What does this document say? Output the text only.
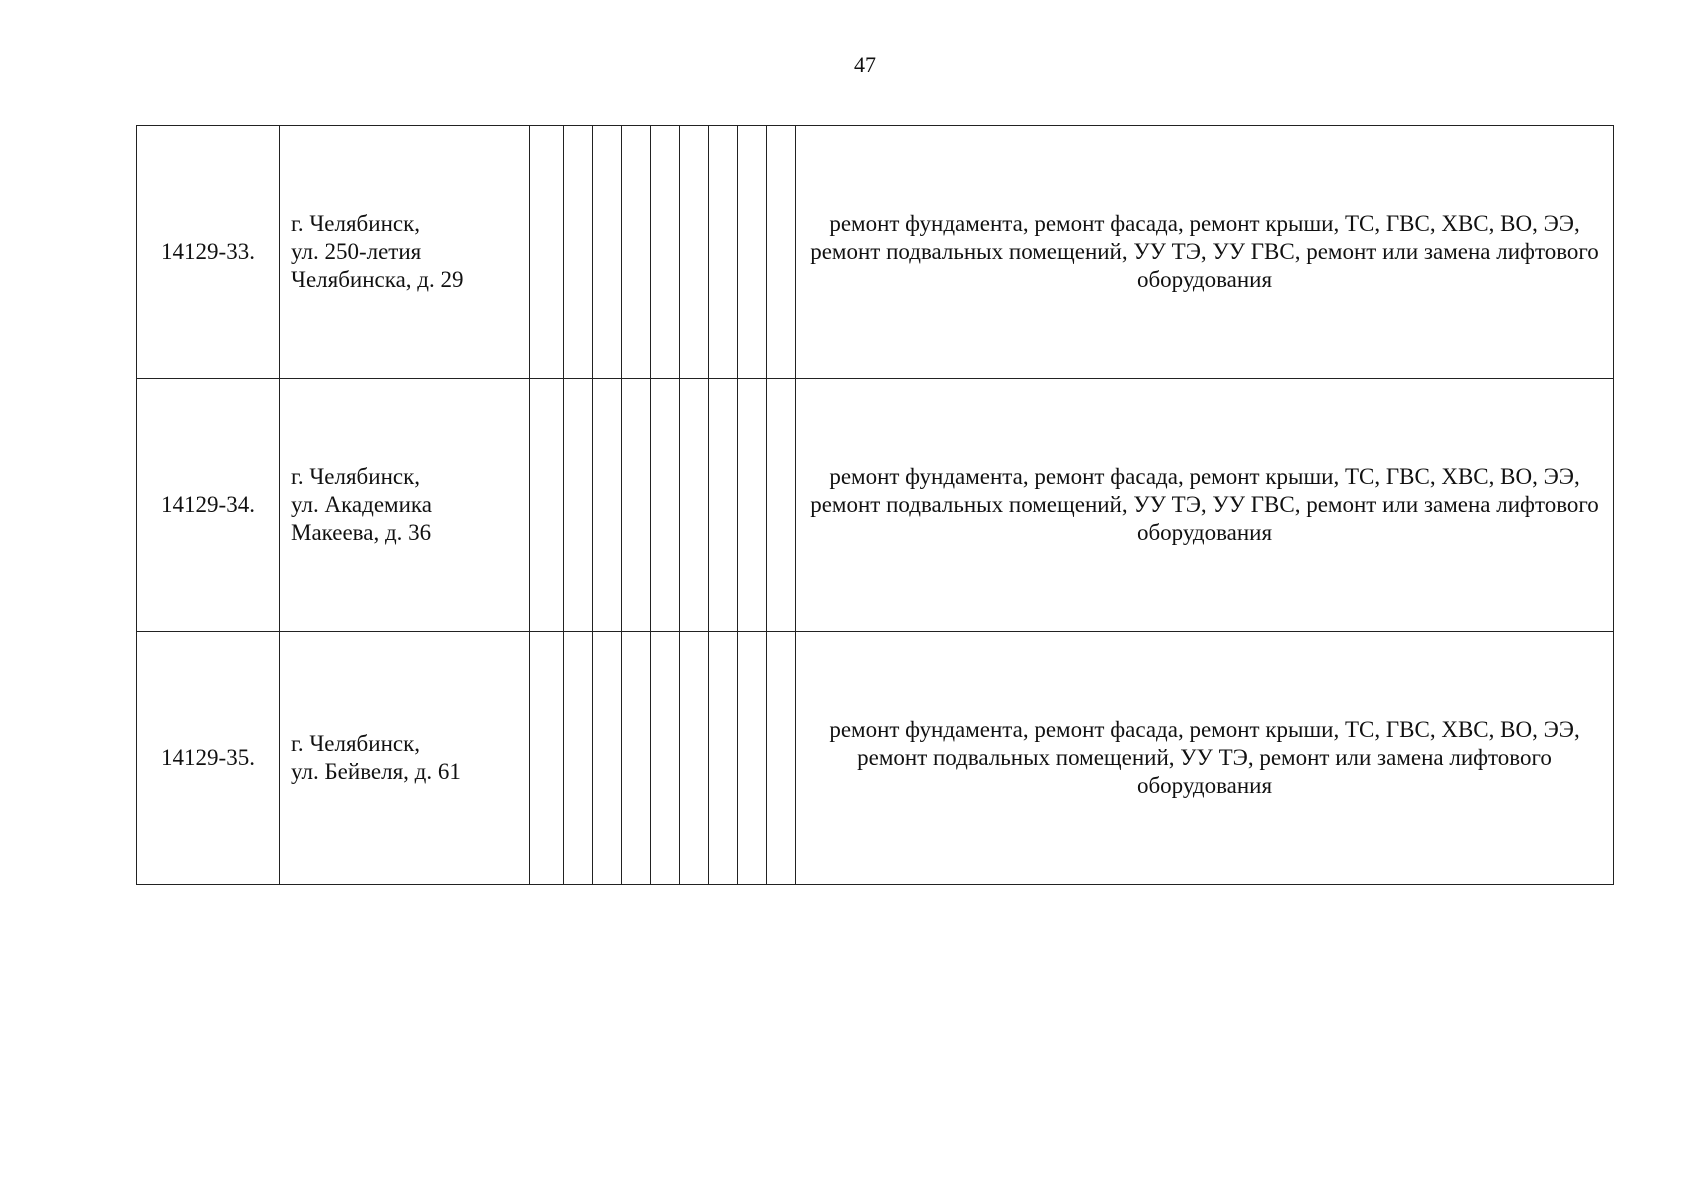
47
14129-33.	г. Челябинск,
ул. 250-летия
Челябинска, д. 29										ремонт фундамента, ремонт фасада, ремонт крыши, ТС, ГВС, ХВС, ВО, ЭЭ, ремонт подвальных помещений, УУ ТЭ, УУ ГВС, ремонт или замена лифтового оборудования
14129-34.	г. Челябинск,
ул. Академика
Макеева, д. 36										ремонт фундамента, ремонт фасада, ремонт крыши, ТС, ГВС, ХВС, ВО, ЭЭ, ремонт подвальных помещений, УУ ТЭ, УУ ГВС, ремонт или замена лифтового оборудования
14129-35.	г. Челябинск,
ул. Бейвеля, д. 61										ремонт фундамента, ремонт фасада, ремонт крыши, ТС, ГВС, ХВС, ВО, ЭЭ, ремонт подвальных помещений, УУ ТЭ, ремонт или замена лифтового оборудования
